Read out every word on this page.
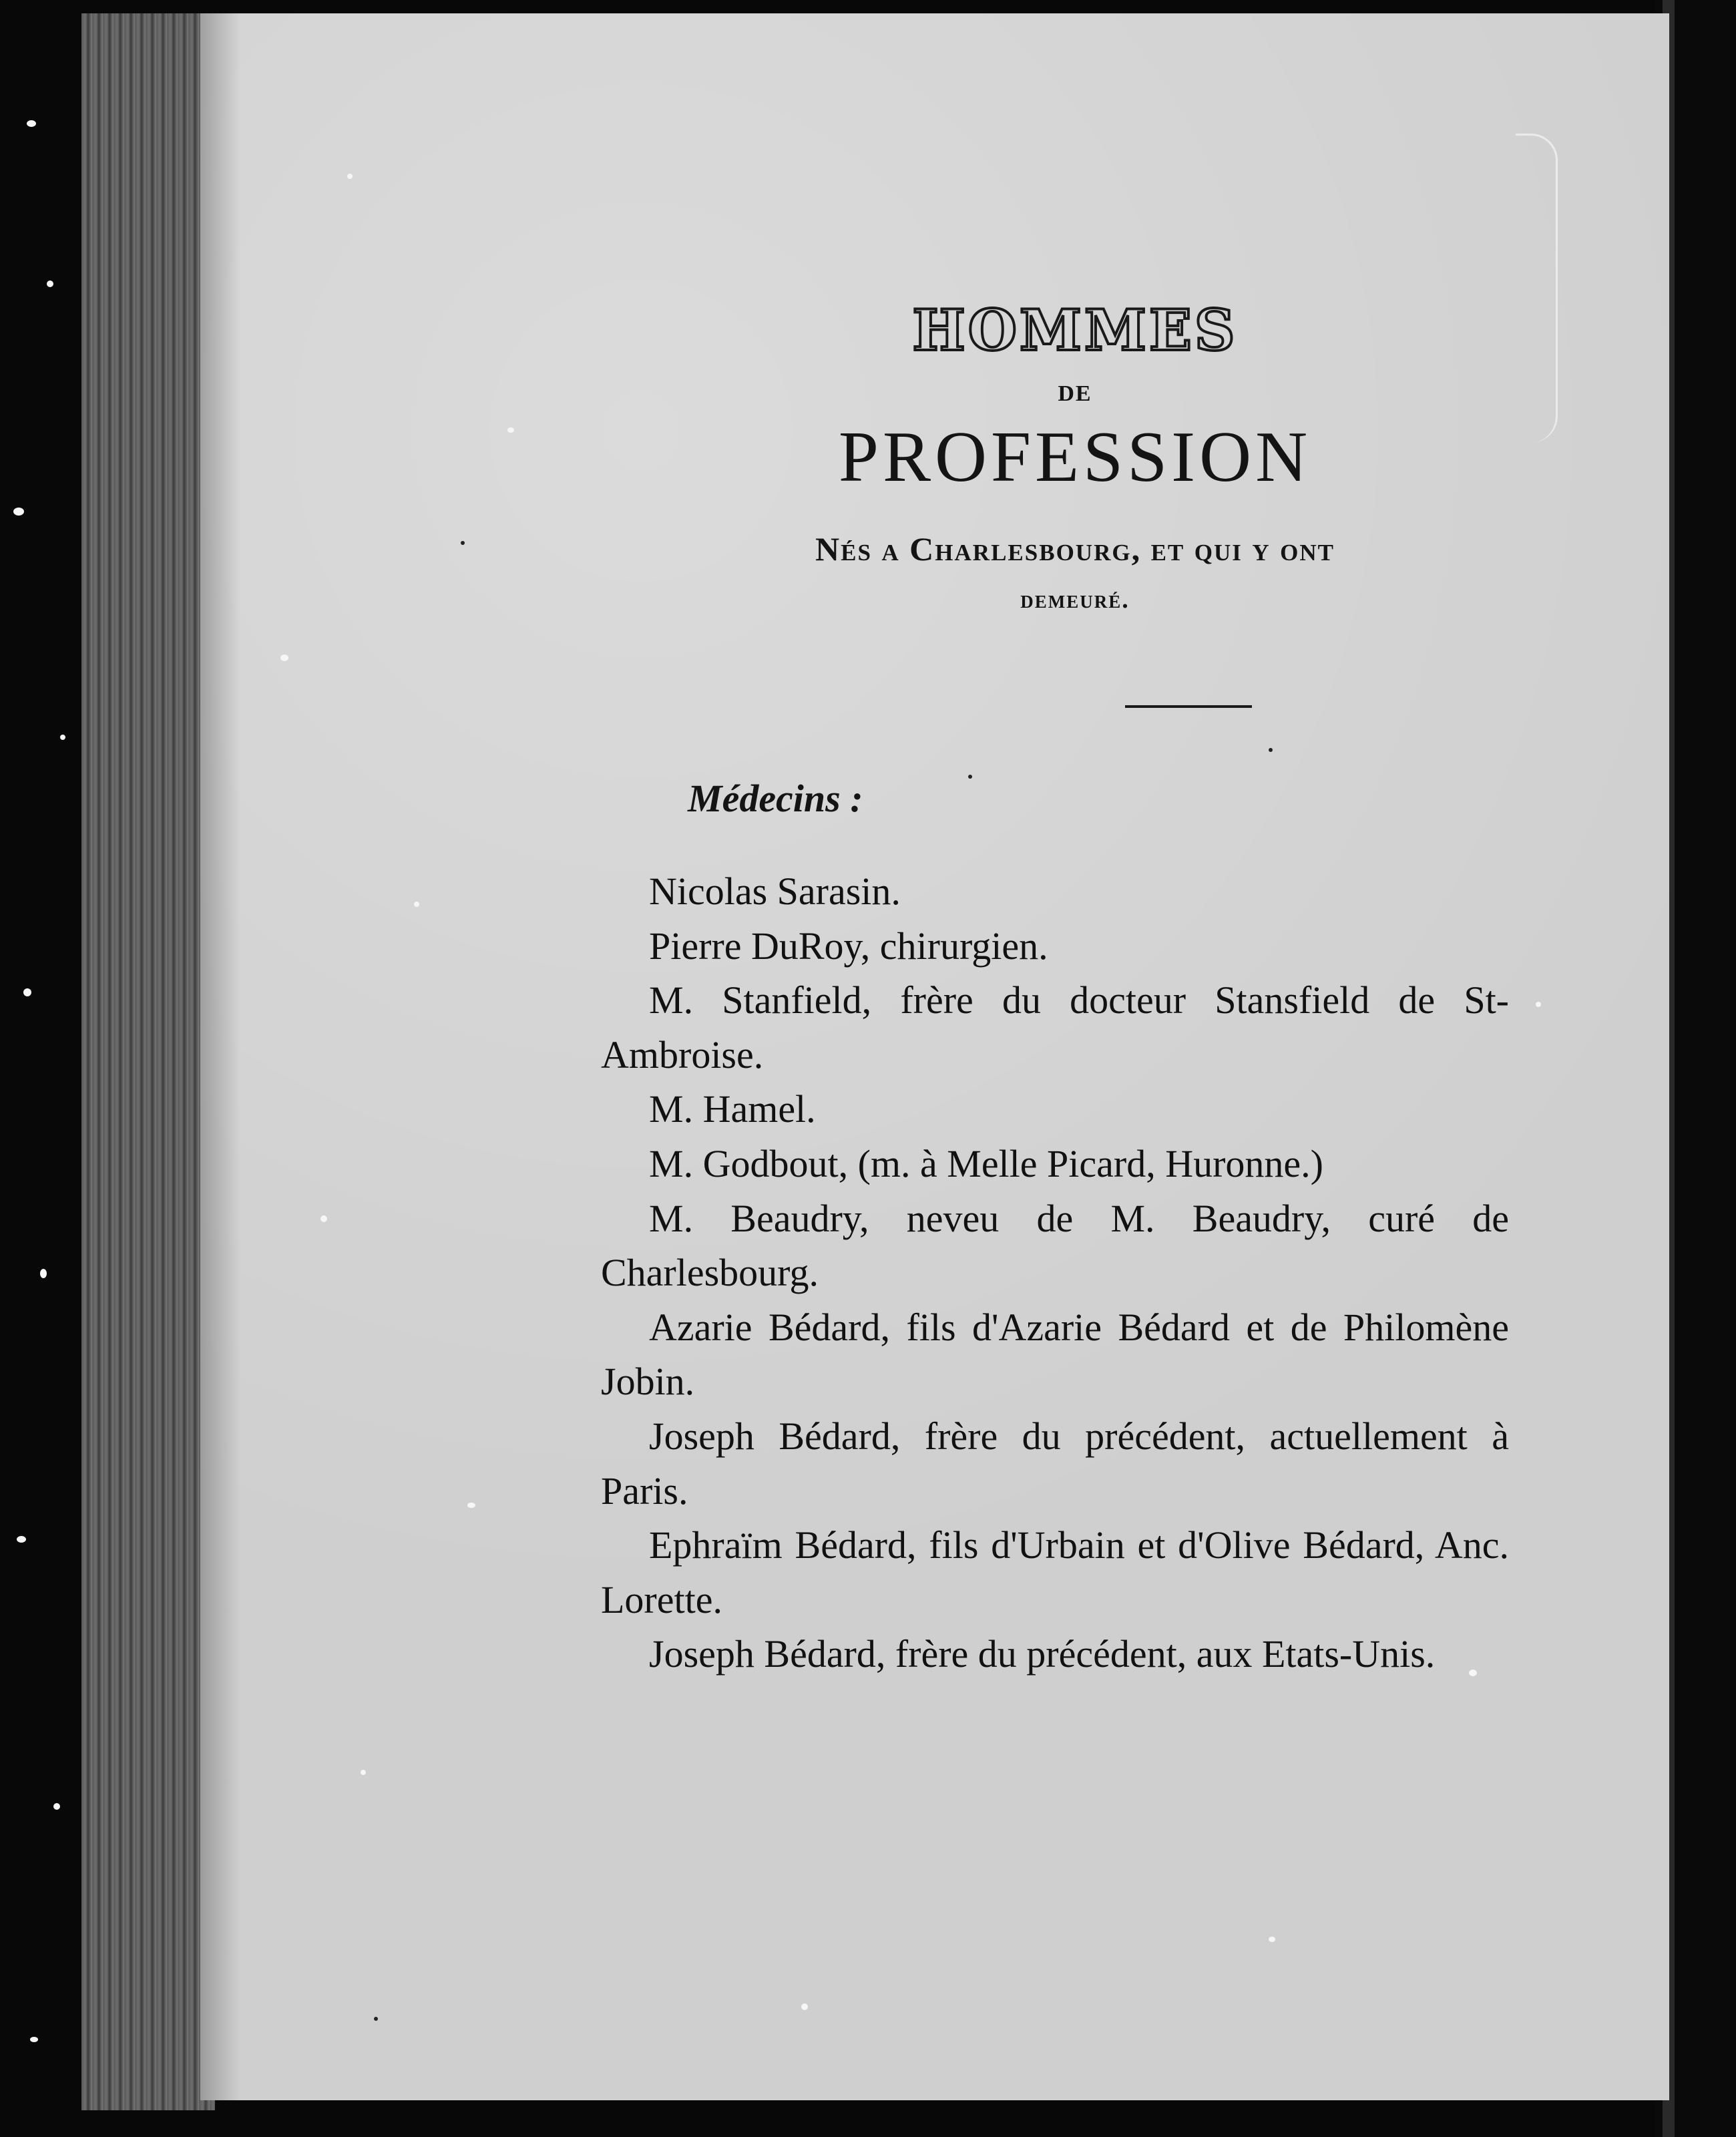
HOMMES
DE
PROFESSION
Nés a Charlesbourg, et qui y ont
demeuré.
Médecins :

Nicolas Sarasin.

Pierre DuRoy, chirurgien.

M. Stanfield, frère du docteur Stansfield de St-Ambroise.

M. Hamel.

M. Godbout, (m. à Melle Picard, Huronne.)

M. Beaudry, neveu de M. Beaudry, curé de Charlesbourg.

Azarie Bédard, fils d'Azarie Bédard et de Philomène Jobin.

Joseph Bédard, frère du précédent, actuellement à Paris.

Ephraïm Bédard, fils d'Urbain et d'Olive Bédard, Anc. Lorette.

Joseph Bédard, frère du précédent, aux Etats-Unis.
